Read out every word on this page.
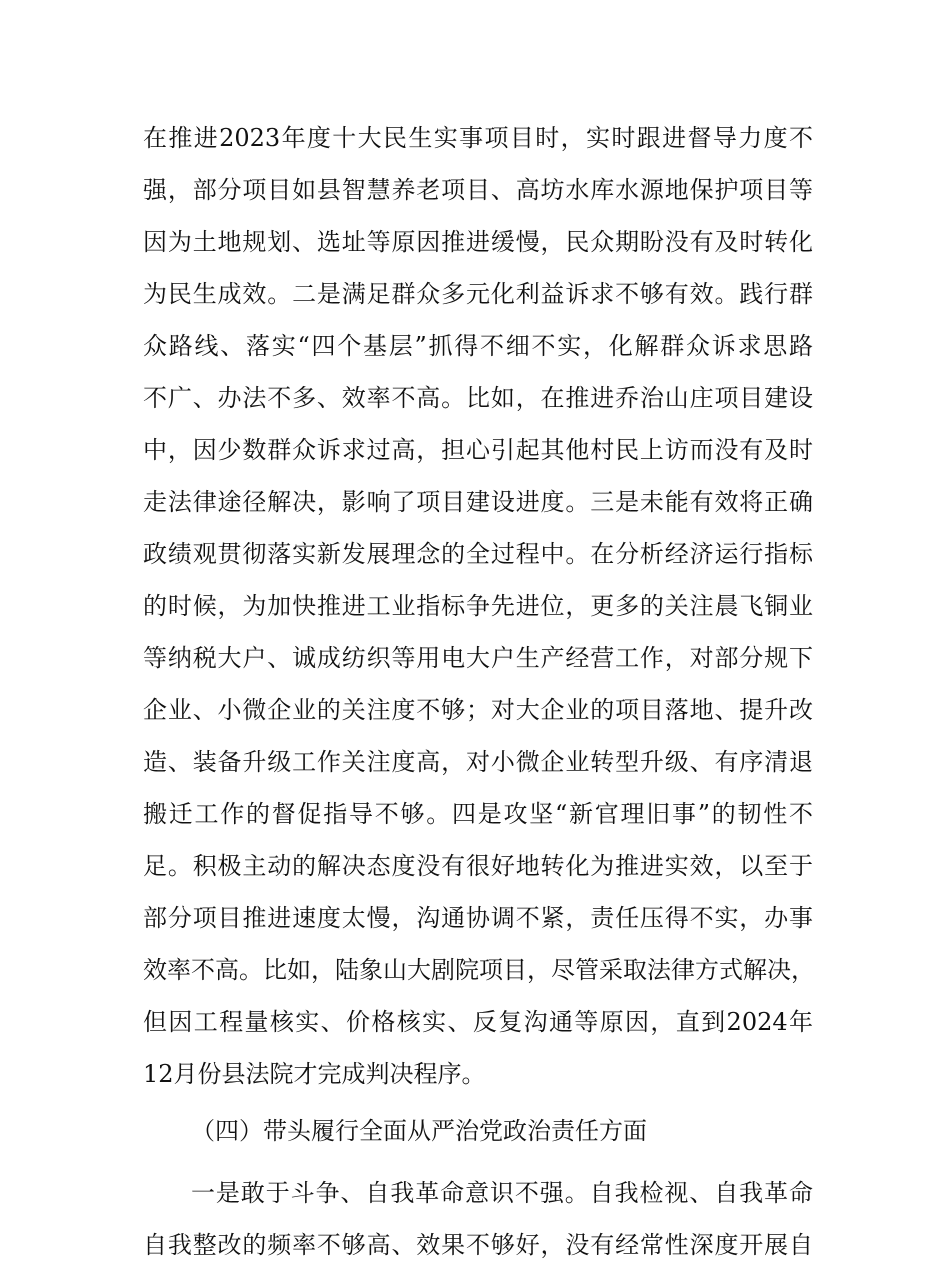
在推进2023年度十大民生实事项目时，实时跟进督导力度不
强，部分项目如县智慧养老项目、高坊水库水源地保护项目等
因为土地规划、选址等原因推进缓慢，民众期盼没有及时转化
为民生成效。二是满足群众多元化利益诉求不够有效。践行群
众路线、落实“四个基层”抓得不细不实，化解群众诉求思路
不广、办法不多、效率不高。比如，在推进乔治山庄项目建设
中，因少数群众诉求过高，担心引起其他村民上访而没有及时
走法律途径解决，影响了项目建设进度。三是未能有效将正确
政绩观贯彻落实新发展理念的全过程中。在分析经济运行指标
的时候，为加快推进工业指标争先进位，更多的关注晨飞铜业
等纳税大户、诚成纺织等用电大户生产经营工作，对部分规下
企业、小微企业的关注度不够；对大企业的项目落地、提升改
造、装备升级工作关注度高，对小微企业转型升级、有序清退
搬迁工作的督促指导不够。四是攻坚“新官理旧事”的韧性不
足。积极主动的解决态度没有很好地转化为推进实效，以至于
部分项目推进速度太慢，沟通协调不紧，责任压得不实，办事
效率不高。比如，陆象山大剧院项目，尽管采取法律方式解决，
但因工程量核实、价格核实、反复沟通等原因，直到2024年
12月份县法院才完成判决程序。
（四）带头履行全面从严治党政治责任方面
一是敢于斗争、自我革命意识不强。自我检视、自我革命
自我整改的频率不够高、效果不够好，没有经常性深度开展自
